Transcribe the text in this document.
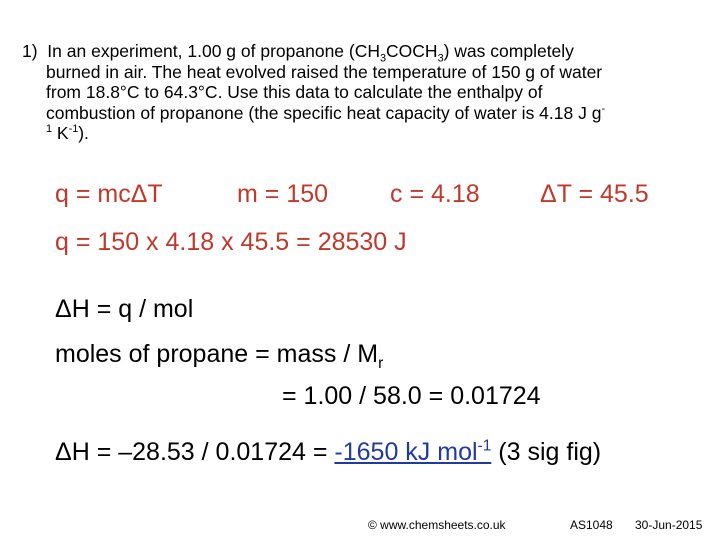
1) In an experiment, 1.00 g of propanone $(CH_3COCH_3)$ was completely
burned in air. The heat evolved raised the temperature of 150 g of water
from 18.8°C to 64.3°C. Use this data to calculate the enthalpy of
combustion of propanone (the specific heat capacity of water is 4.18 J g-
$^1$ $K^{-1}$).
q = mcΔT	m = 150 c = 4.18 ΔT = 45.5
q = 150 x 4.18 x 45.5 = 28530 J
ΔH = q / mol
moles of propane = mass / $M_r$
= 1.00 / 58.0 = 0.01724
ΔH = –28.53 / 0.01724 = -1650 kJ mol$^{-1}$ (3 sig fig)
© www.chemsheets.co.uk	AS1048 30-Jun-2015
